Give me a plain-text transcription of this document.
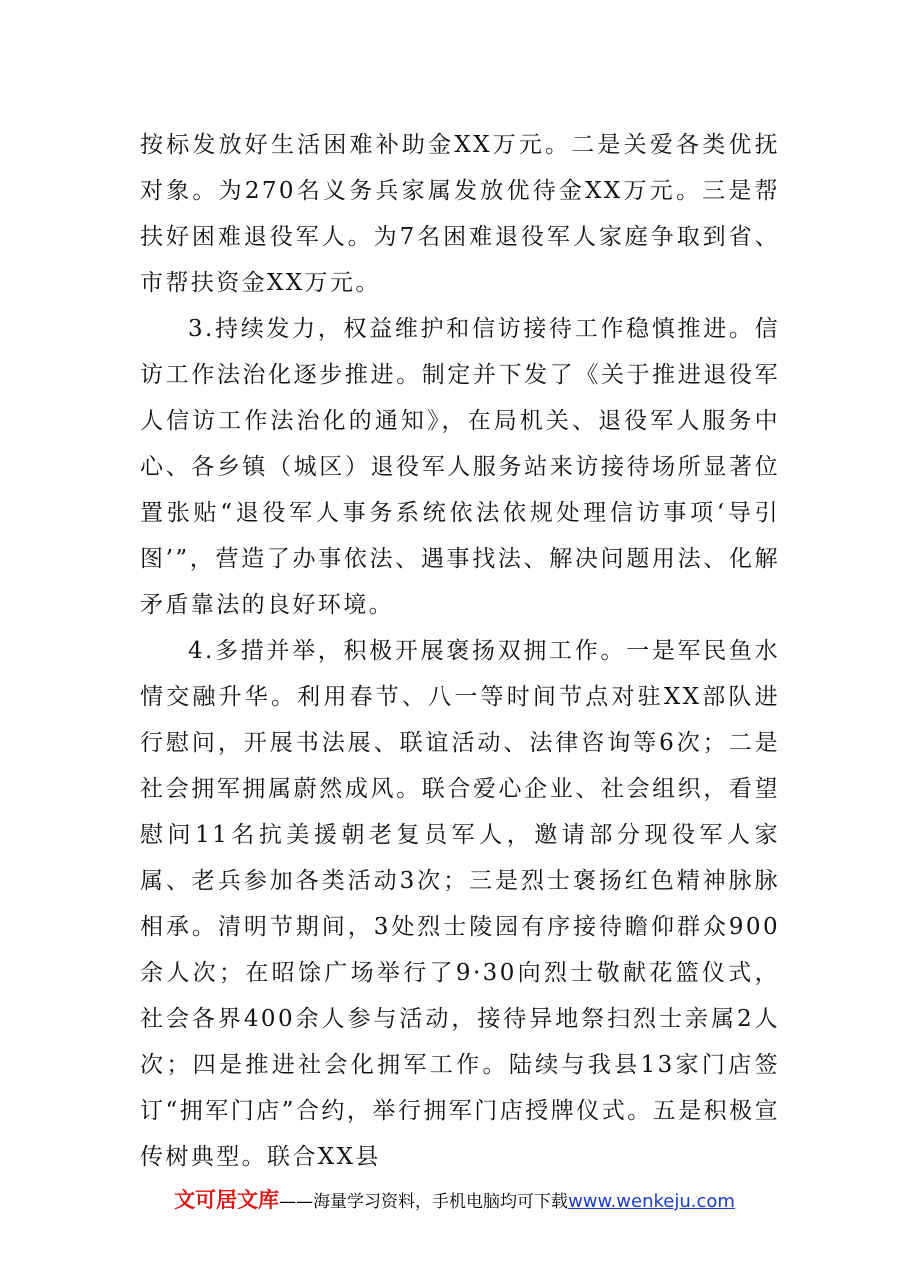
按标发放好生活困难补助金XX万元。二是关爱各类优抚对象。为270名义务兵家属发放优待金XX万元。三是帮扶好困难退役军人。为7名困难退役军人家庭争取到省、市帮扶资金XX万元。

3.持续发力，权益维护和信访接待工作稳慎推进。信访工作法治化逐步推进。制定并下发了《关于推进退役军人信访工作法治化的通知》，在局机关、退役军人服务中心、各乡镇（城区）退役军人服务站来访接待场所显著位置张贴“退役军人事务系统依法依规处理信访事项‘导引图’”，营造了办事依法、遇事找法、解决问题用法、化解矛盾靠法的良好环境。

4.多措并举，积极开展褒扬双拥工作。一是军民鱼水情交融升华。利用春节、八一等时间节点对驻XX部队进行慰问，开展书法展、联谊活动、法律咨询等6次；二是社会拥军拥属蔚然成风。联合爱心企业、社会组织，看望慰问11名抗美援朝老复员军人，邀请部分现役军人家属、老兵参加各类活动3次；三是烈士褒扬红色精神脉脉相承。清明节期间，3处烈士陵园有序接待瞻仰群众900余人次；在昭馀广场举行了9·30向烈士敬献花篮仪式，社会各界400余人参与活动，接待异地祭扫烈士亲属2人次；四是推进社会化拥军工作。陆续与我县13家门店签订“拥军门店”合约，举行拥军门店授牌仪式。五是积极宣传树典型。联合XX县

文可居文库——海量学习资料，手机电脑均可下载www.wenkeju.com
